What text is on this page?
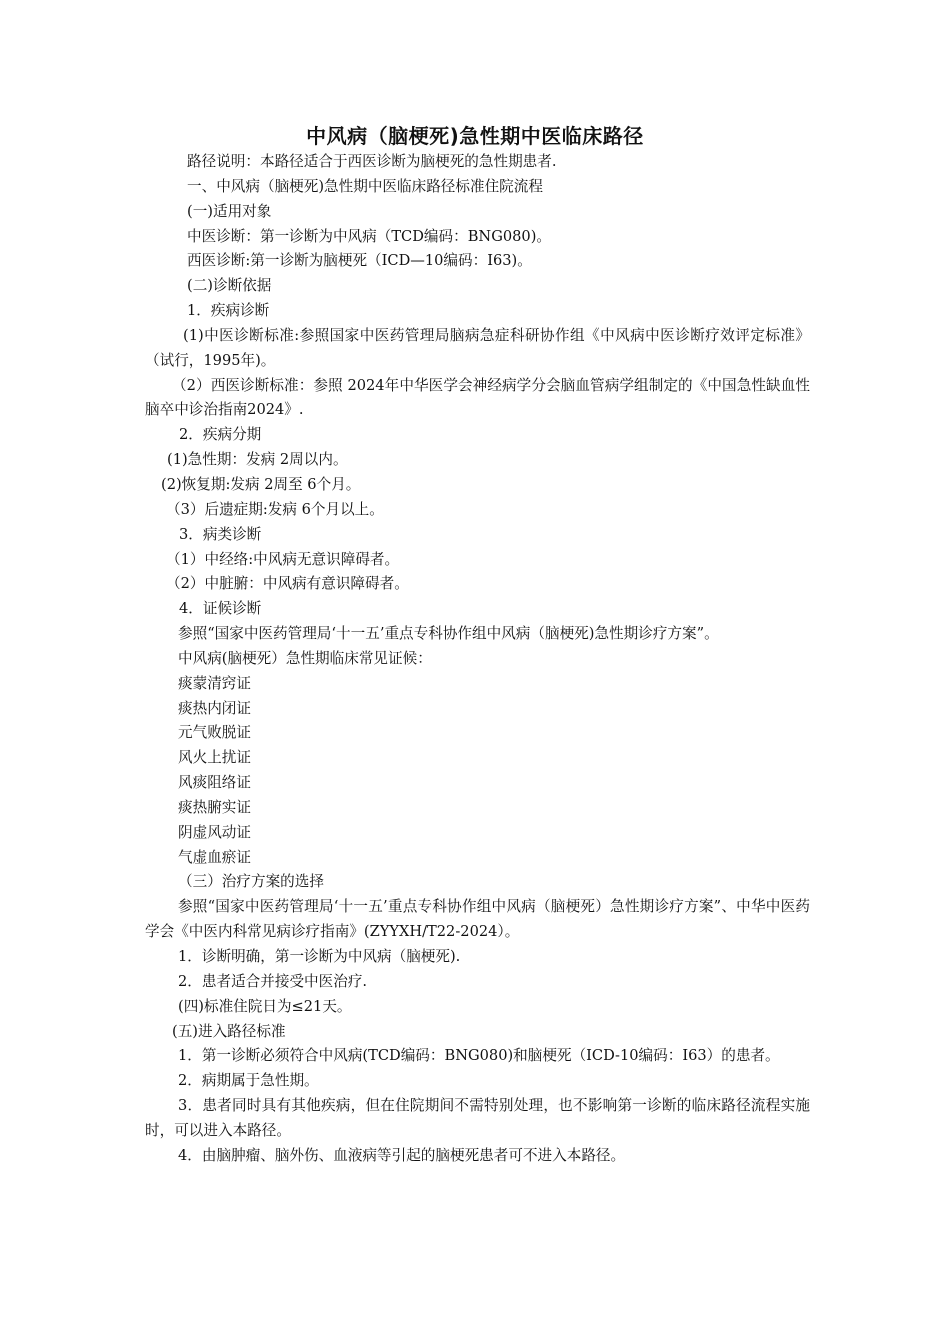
中风病（脑梗死)急性期中医临床路径

路径说明：本路径适合于西医诊断为脑梗死的急性期患者.

一、中风病（脑梗死)急性期中医临床路径标准住院流程

(一)适用对象

中医诊断：第一诊断为中风病（TCD编码：BNG080)。

西医诊断:第一诊断为脑梗死（ICD—10编码：I63)。

(二)诊断依据

1．疾病诊断

(1)中医诊断标准:参照国家中医药管理局脑病急症科研协作组《中风病中医诊断疗效评定标准》（试行，1995年)。

（2）西医诊断标准：参照 2024年中华医学会神经病学分会脑血管病学组制定的《中国急性缺血性脑卒中诊治指南2024》.

2．疾病分期

(1)急性期：发病 2周以内。

(2)恢复期:发病 2周至 6个月。

（3）后遗症期:发病 6个月以上。

3．病类诊断

（1）中经络:中风病无意识障碍者。

（2）中脏腑：中风病有意识障碍者。

4．证候诊断

参照“国家中医药管理局‘十一五’重点专科协作组中风病（脑梗死)急性期诊疗方案”。

中风病(脑梗死）急性期临床常见证候：

痰蒙清窍证

痰热内闭证

元气败脱证

风火上扰证

风痰阻络证

痰热腑实证

阴虚风动证

气虚血瘀证

（三）治疗方案的选择

参照“国家中医药管理局‘十一五’重点专科协作组中风病（脑梗死）急性期诊疗方案”、中华中医药学会《中医内科常见病诊疗指南》(ZYYXH/T22-2024）。

1．诊断明确，第一诊断为中风病（脑梗死).

2．患者适合并接受中医治疗.

(四)标准住院日为≤21天。

(五)进入路径标准

1．第一诊断必须符合中风病(TCD编码：BNG080)和脑梗死（ICD-10编码：I63）的患者。

2．病期属于急性期。

3．患者同时具有其他疾病，但在住院期间不需特别处理，也不影响第一诊断的临床路径流程实施时，可以进入本路径。

4．由脑肿瘤、脑外伤、血液病等引起的脑梗死患者可不进入本路径。
